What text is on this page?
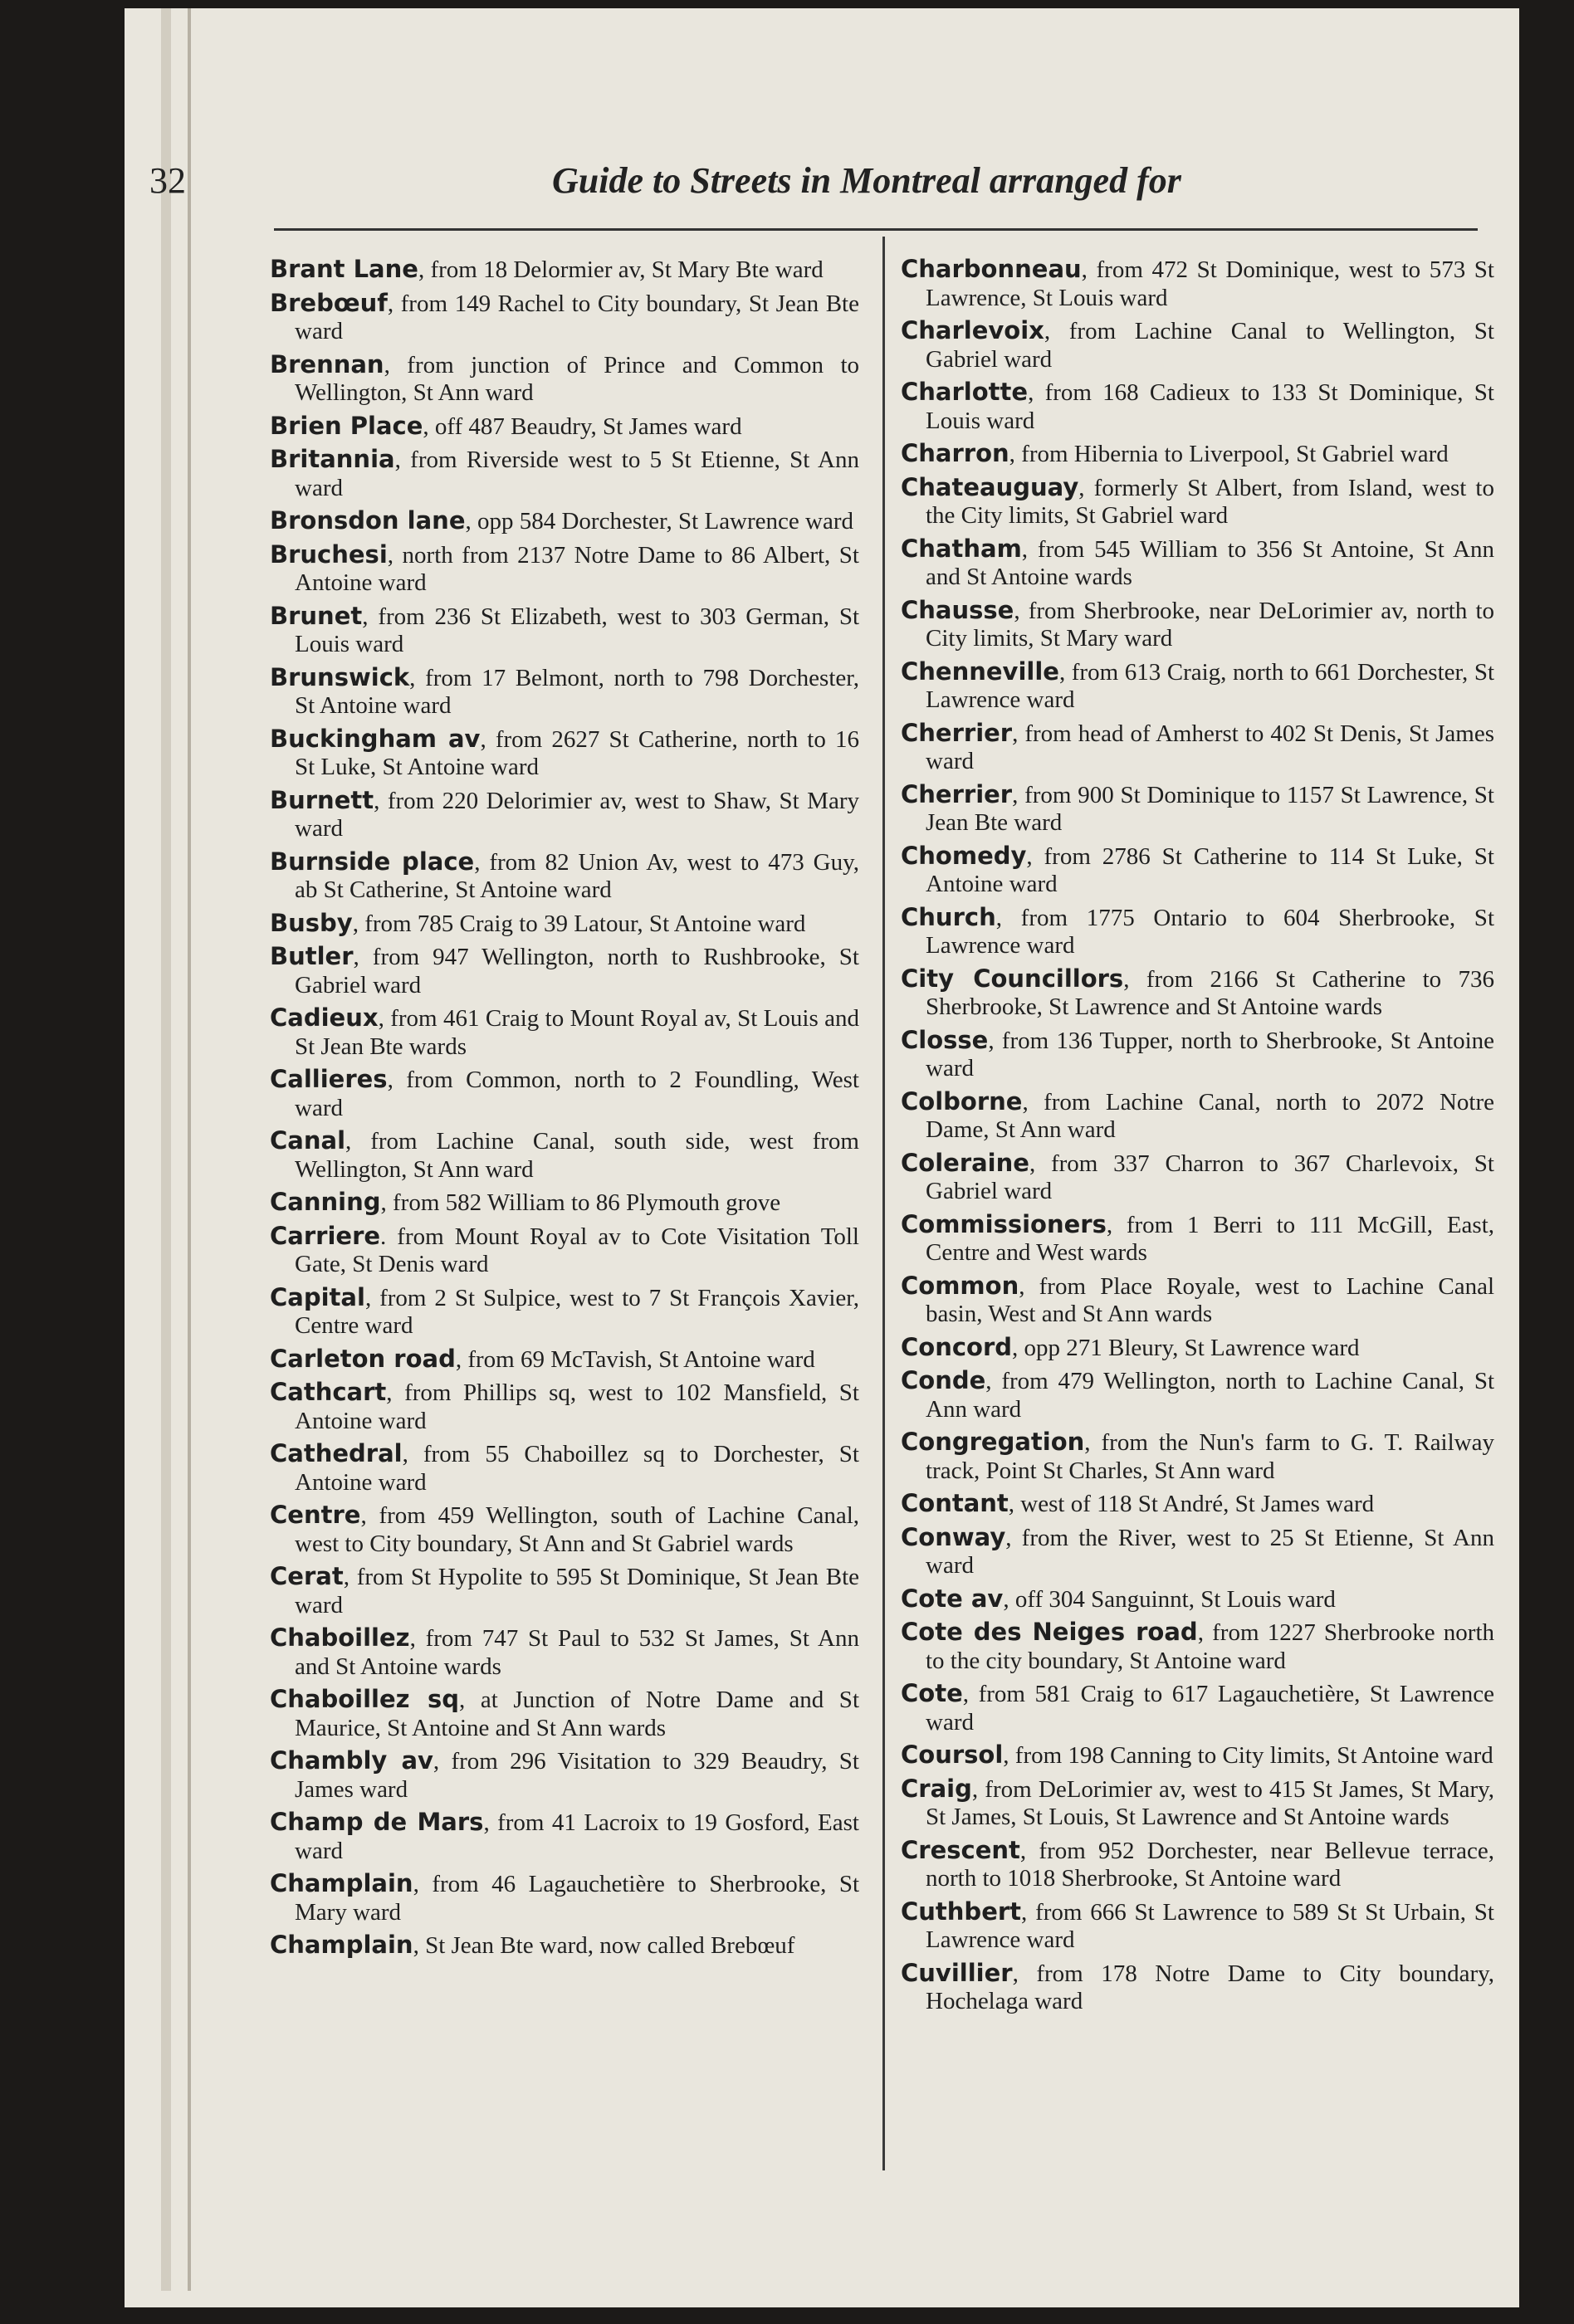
32	Guide to Streets in Montreal arranged for
Brant Lane, from 18 Delormier av, St Mary Bte ward
Brebœuf, from 149 Rachel to City boundary, St Jean Bte ward
Brennan, from junction of Prince and Common to Wellington, St Ann ward
Brien Place, off 487 Beaudry, St James ward
Britannia, from Riverside west to 5 St Etienne, St Ann ward
Bronsdon lane, opp 584 Dorchester, St Lawrence ward
Bruchesi, north from 2137 Notre Dame to 86 Albert, St Antoine ward
Brunet, from 236 St Elizabeth, west to 303 German, St Louis ward
Brunswick, from 17 Belmont, north to 798 Dorchester, St Antoine ward
Buckingham av, from 2627 St Catherine, north to 16 St Luke, St Antoine ward
Burnett, from 220 Delorimier av, west to Shaw, St Mary ward
Burnside place, from 82 Union Av, west to 473 Guy, ab St Catherine, St Antoine ward
Busby, from 785 Craig to 39 Latour, St Antoine ward
Butler, from 947 Wellington, north to Rushbrooke, St Gabriel ward
Cadieux, from 461 Craig to Mount Royal av, St Louis and St Jean Bte wards
Callieres, from Common, north to 2 Foundling, West ward
Canal, from Lachine Canal, south side, west from Wellington, St Ann ward
Canning, from 582 William to 86 Plymouth grove
Carriere. from Mount Royal av to Cote Visitation Toll Gate, St Denis ward
Capital, from 2 St Sulpice, west to 7 St François Xavier, Centre ward
Carleton road, from 69 McTavish, St Antoine ward
Cathcart, from Phillips sq, west to 102 Mansfield, St Antoine ward
Cathedral, from 55 Chaboillez sq to Dorchester, St Antoine ward
Centre, from 459 Wellington, south of Lachine Canal, west to City boundary, St Ann and St Gabriel wards
Cerat, from St Hypolite to 595 St Dominique, St Jean Bte ward
Chaboillez, from 747 St Paul to 532 St James, St Ann and St Antoine wards
Chaboillez sq, at Junction of Notre Dame and St Maurice, St Antoine and St Ann wards
Chambly av, from 296 Visitation to 329 Beaudry, St James ward
Champ de Mars, from 41 Lacroix to 19 Gosford, East ward
Champlain, from 46 Lagauchetière to Sherbrooke, St Mary ward
Champlain, St Jean Bte ward, now called Brebœuf
Charbonneau, from 472 St Dominique, west to 573 St Lawrence, St Louis ward
Charlevoix, from Lachine Canal to Wellington, St Gabriel ward
Charlotte, from 168 Cadieux to 133 St Dominique, St Louis ward
Charron, from Hibernia to Liverpool, St Gabriel ward
Chateauguay, formerly St Albert, from Island, west to the City limits, St Gabriel ward
Chatham, from 545 William to 356 St Antoine, St Ann and St Antoine wards
Chausse, from Sherbrooke, near DeLorimier av, north to City limits, St Mary ward
Chenneville, from 613 Craig, north to 661 Dorchester, St Lawrence ward
Cherrier, from head of Amherst to 402 St Denis, St James ward
Cherrier, from 900 St Dominique to 1157 St Lawrence, St Jean Bte ward
Chomedy, from 2786 St Catherine to 114 St Luke, St Antoine ward
Church, from 1775 Ontario to 604 Sherbrooke, St Lawrence ward
City Councillors, from 2166 St Catherine to 736 Sherbrooke, St Lawrence and St Antoine wards
Closse, from 136 Tupper, north to Sherbrooke, St Antoine ward
Colborne, from Lachine Canal, north to 2072 Notre Dame, St Ann ward
Coleraine, from 337 Charron to 367 Charlevoix, St Gabriel ward
Commissioners, from 1 Berri to 111 McGill, East, Centre and West wards
Common, from Place Royale, west to Lachine Canal basin, West and St Ann wards
Concord, opp 271 Bleury, St Lawrence ward
Conde, from 479 Wellington, north to Lachine Canal, St Ann ward
Congregation, from the Nun's farm to G. T. Railway track, Point St Charles, St Ann ward
Contant, west of 118 St André, St James ward
Conway, from the River, west to 25 St Etienne, St Ann ward
Cote av, off 304 Sanguinnt, St Louis ward
Cote des Neiges road, from 1227 Sherbrooke north to the city boundary, St Antoine ward
Cote, from 581 Craig to 617 Lagauchetière, St Lawrence ward
Coursol, from 198 Canning to City limits, St Antoine ward
Craig, from DeLorimier av, west to 415 St James, St Mary, St James, St Louis, St Lawrence and St Antoine wards
Crescent, from 952 Dorchester, near Bellevue terrace, north to 1018 Sherbrooke, St Antoine ward
Cuthbert, from 666 St Lawrence to 589 St St Urbain, St Lawrence ward
Cuvillier, from 178 Notre Dame to City boundary, Hochelaga ward
